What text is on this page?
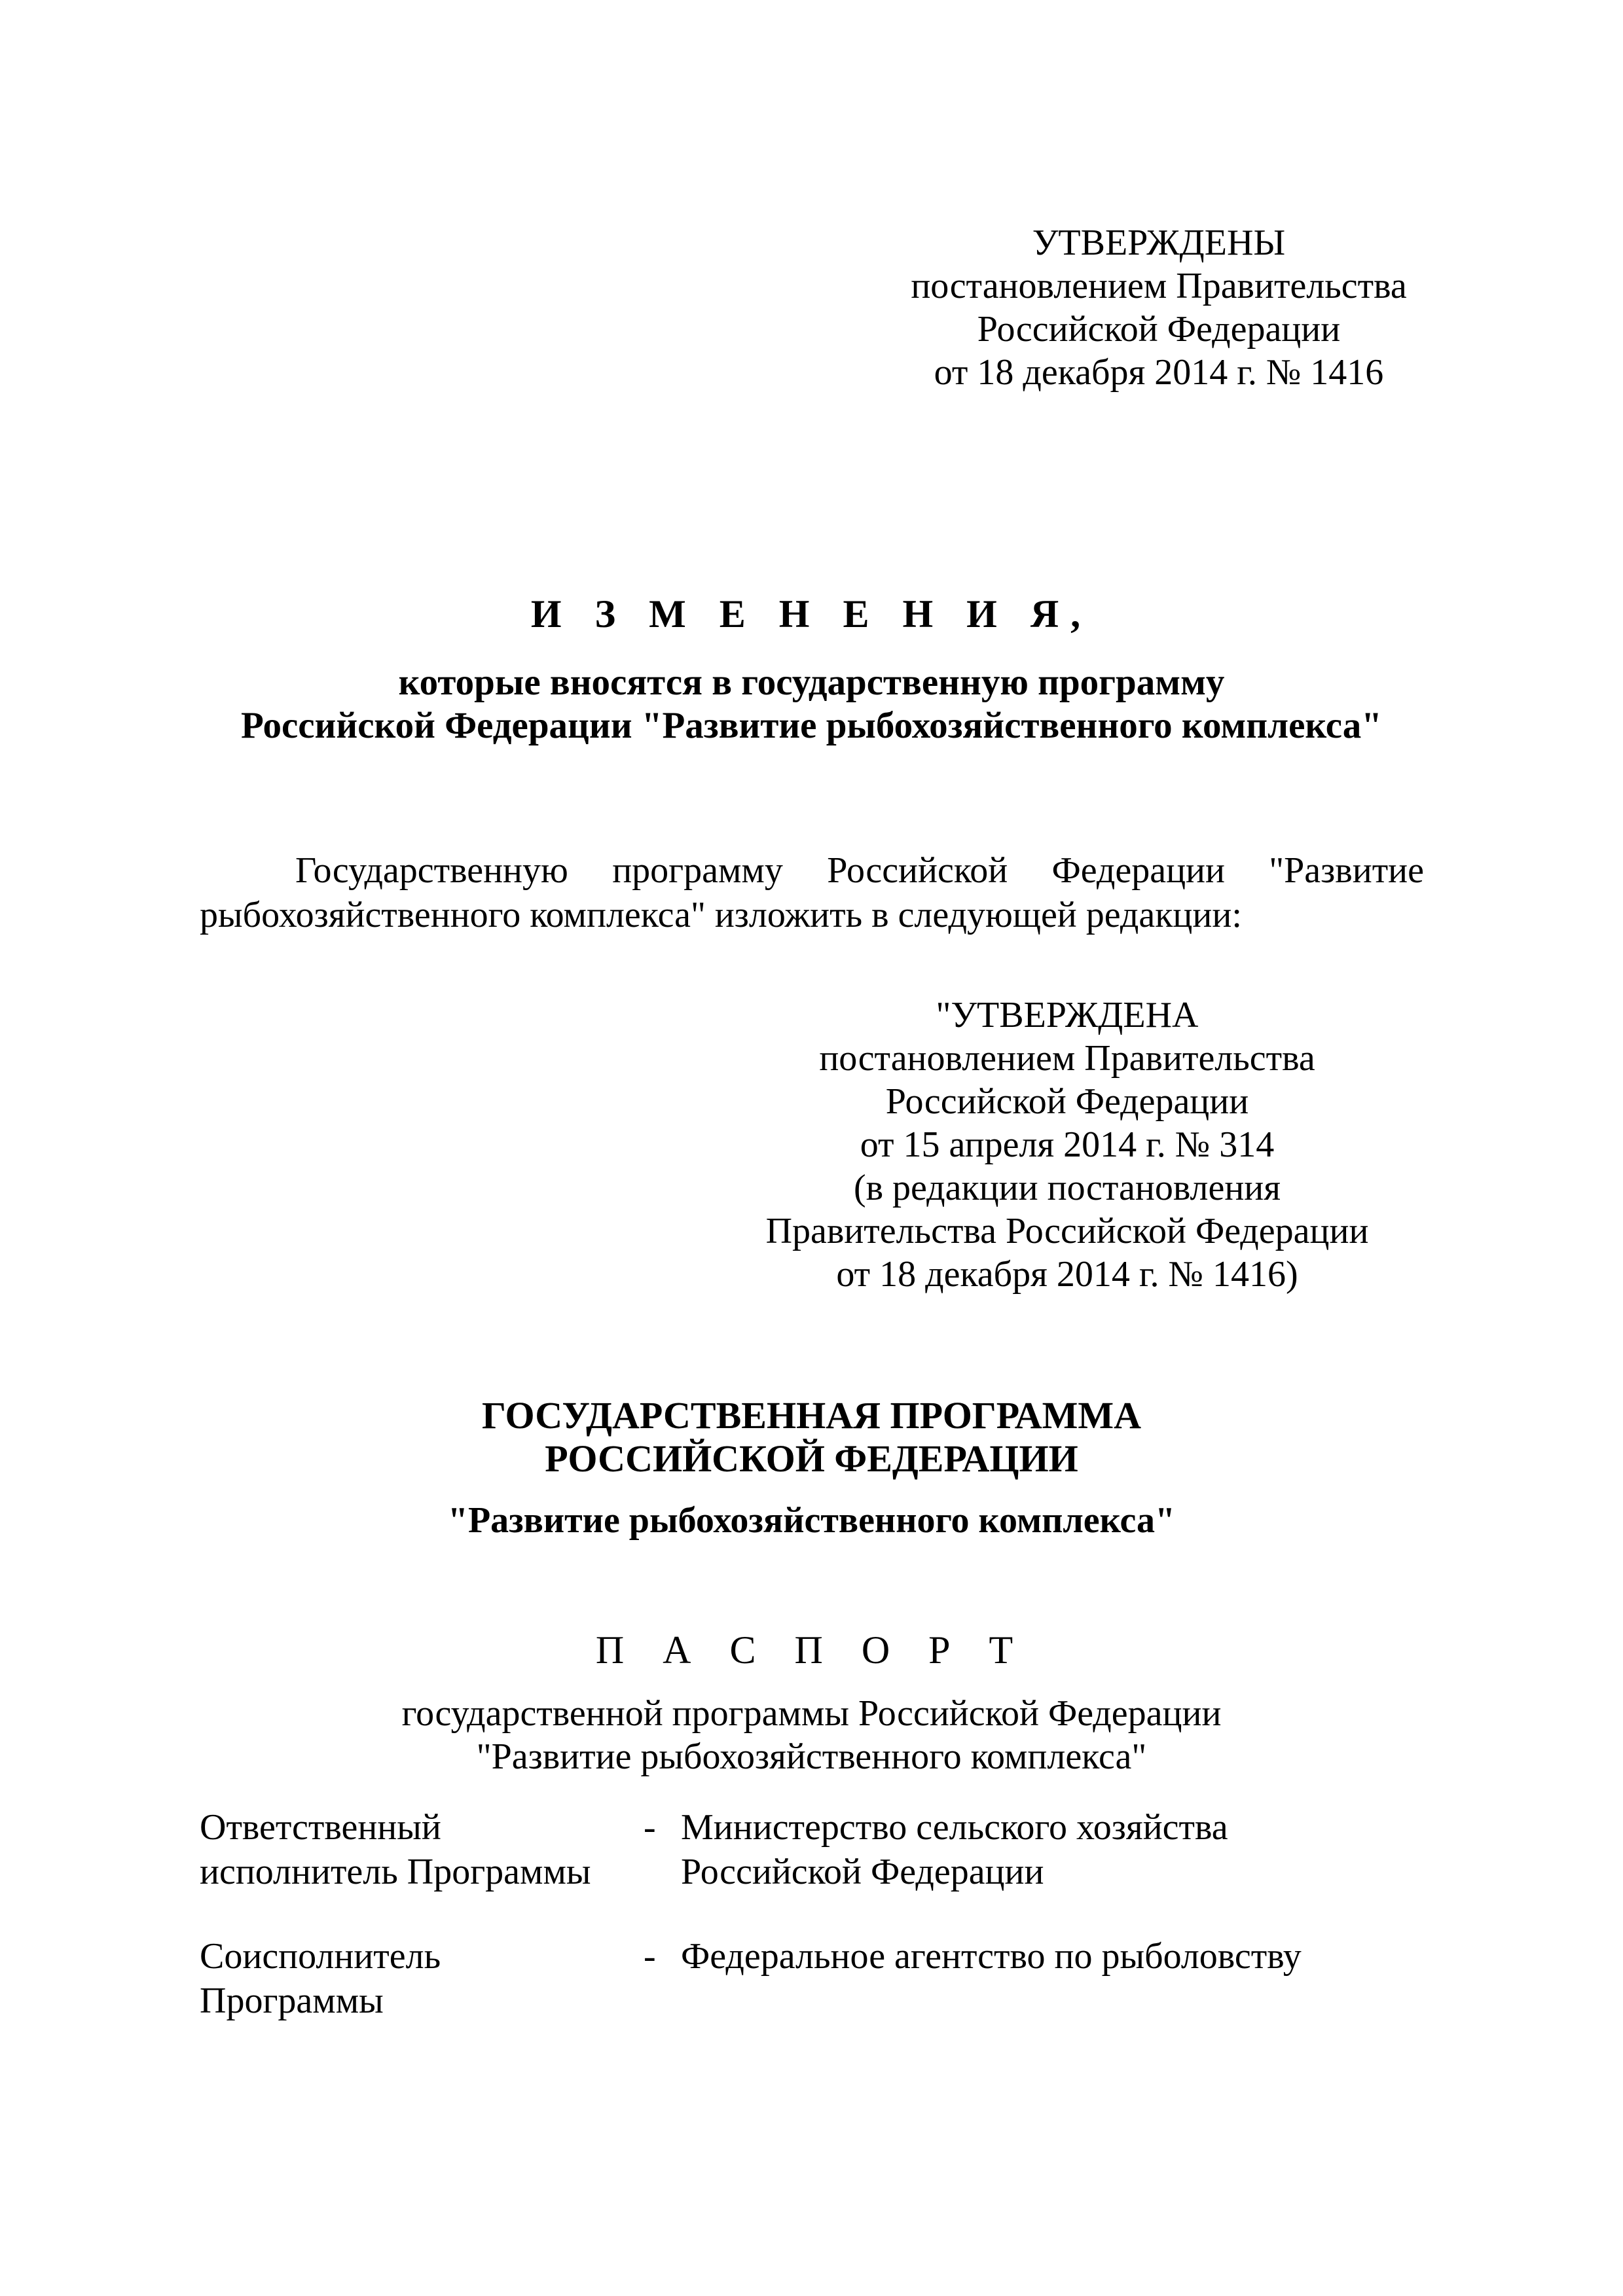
УТВЕРЖДЕНЫ
постановлением Правительства
Российской Федерации
от 18 декабря 2014 г. № 1416
И З М Е Н Е Н И Я,
которые вносятся в государственную программу
Российской Федерации "Развитие рыбохозяйственного комплекса"
Государственную программу Российской Федерации "Развитие
рыбохозяйственного комплекса" изложить в следующей редакции:
"УТВЕРЖДЕНА
постановлением Правительства
Российской Федерации
от 15 апреля 2014 г. № 314
(в редакции постановления
Правительства Российской Федерации
от 18 декабря 2014 г. № 1416)
ГОСУДАРСТВЕННАЯ ПРОГРАММА
РОССИЙСКОЙ ФЕДЕРАЦИИ
"Развитие рыбохозяйственного комплекса"
П А С П О Р Т
государственной программы Российской Федерации
"Развитие рыбохозяйственного комплекса"
Ответственный
исполнитель Программы
- Министерство сельского хозяйства
Российской Федерации
Соисполнитель
Программы
- Федеральное агентство по рыболовству
